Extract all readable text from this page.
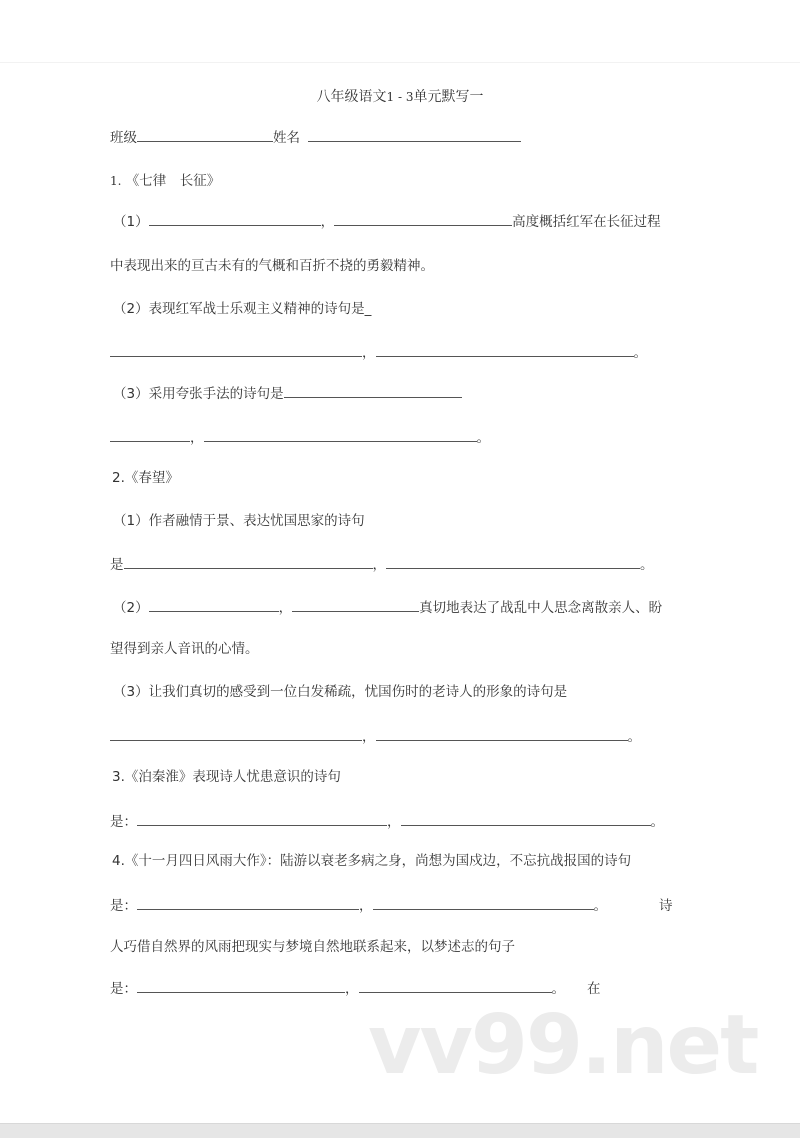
八年级语文1 - 3单元默写一
班级	姓名
1. 《七律　长征》
（1）	，	高度概括红军在长征过程
中表现出来的亘古未有的气概和百折不挠的勇毅精神。
（2）表现红军战士乐观主义精神的诗句是_
，	。
（3）采用夸张手法的诗句是
，	。
2.《春望》
（1）作者融情于景、表达忧国思家的诗句
是	，	。
（2）	，	真切地表达了战乱中人思念离散亲人、盼
望得到亲人音讯的心情。
（3）让我们真切的感受到一位白发稀疏，忧国伤时的老诗人的形象的诗句是
，	。
3.《泊秦淮》表现诗人忧患意识的诗句
是：	，	。
4.《十一月四日风雨大作》：陆游以衰老多病之身，尚想为国戍边，不忘抗战报国的诗句
是：	，	。	诗
人巧借自然界的风雨把现实与梦境自然地联系起来，以梦述志的句子
是：	，	。 在
vv99.net
